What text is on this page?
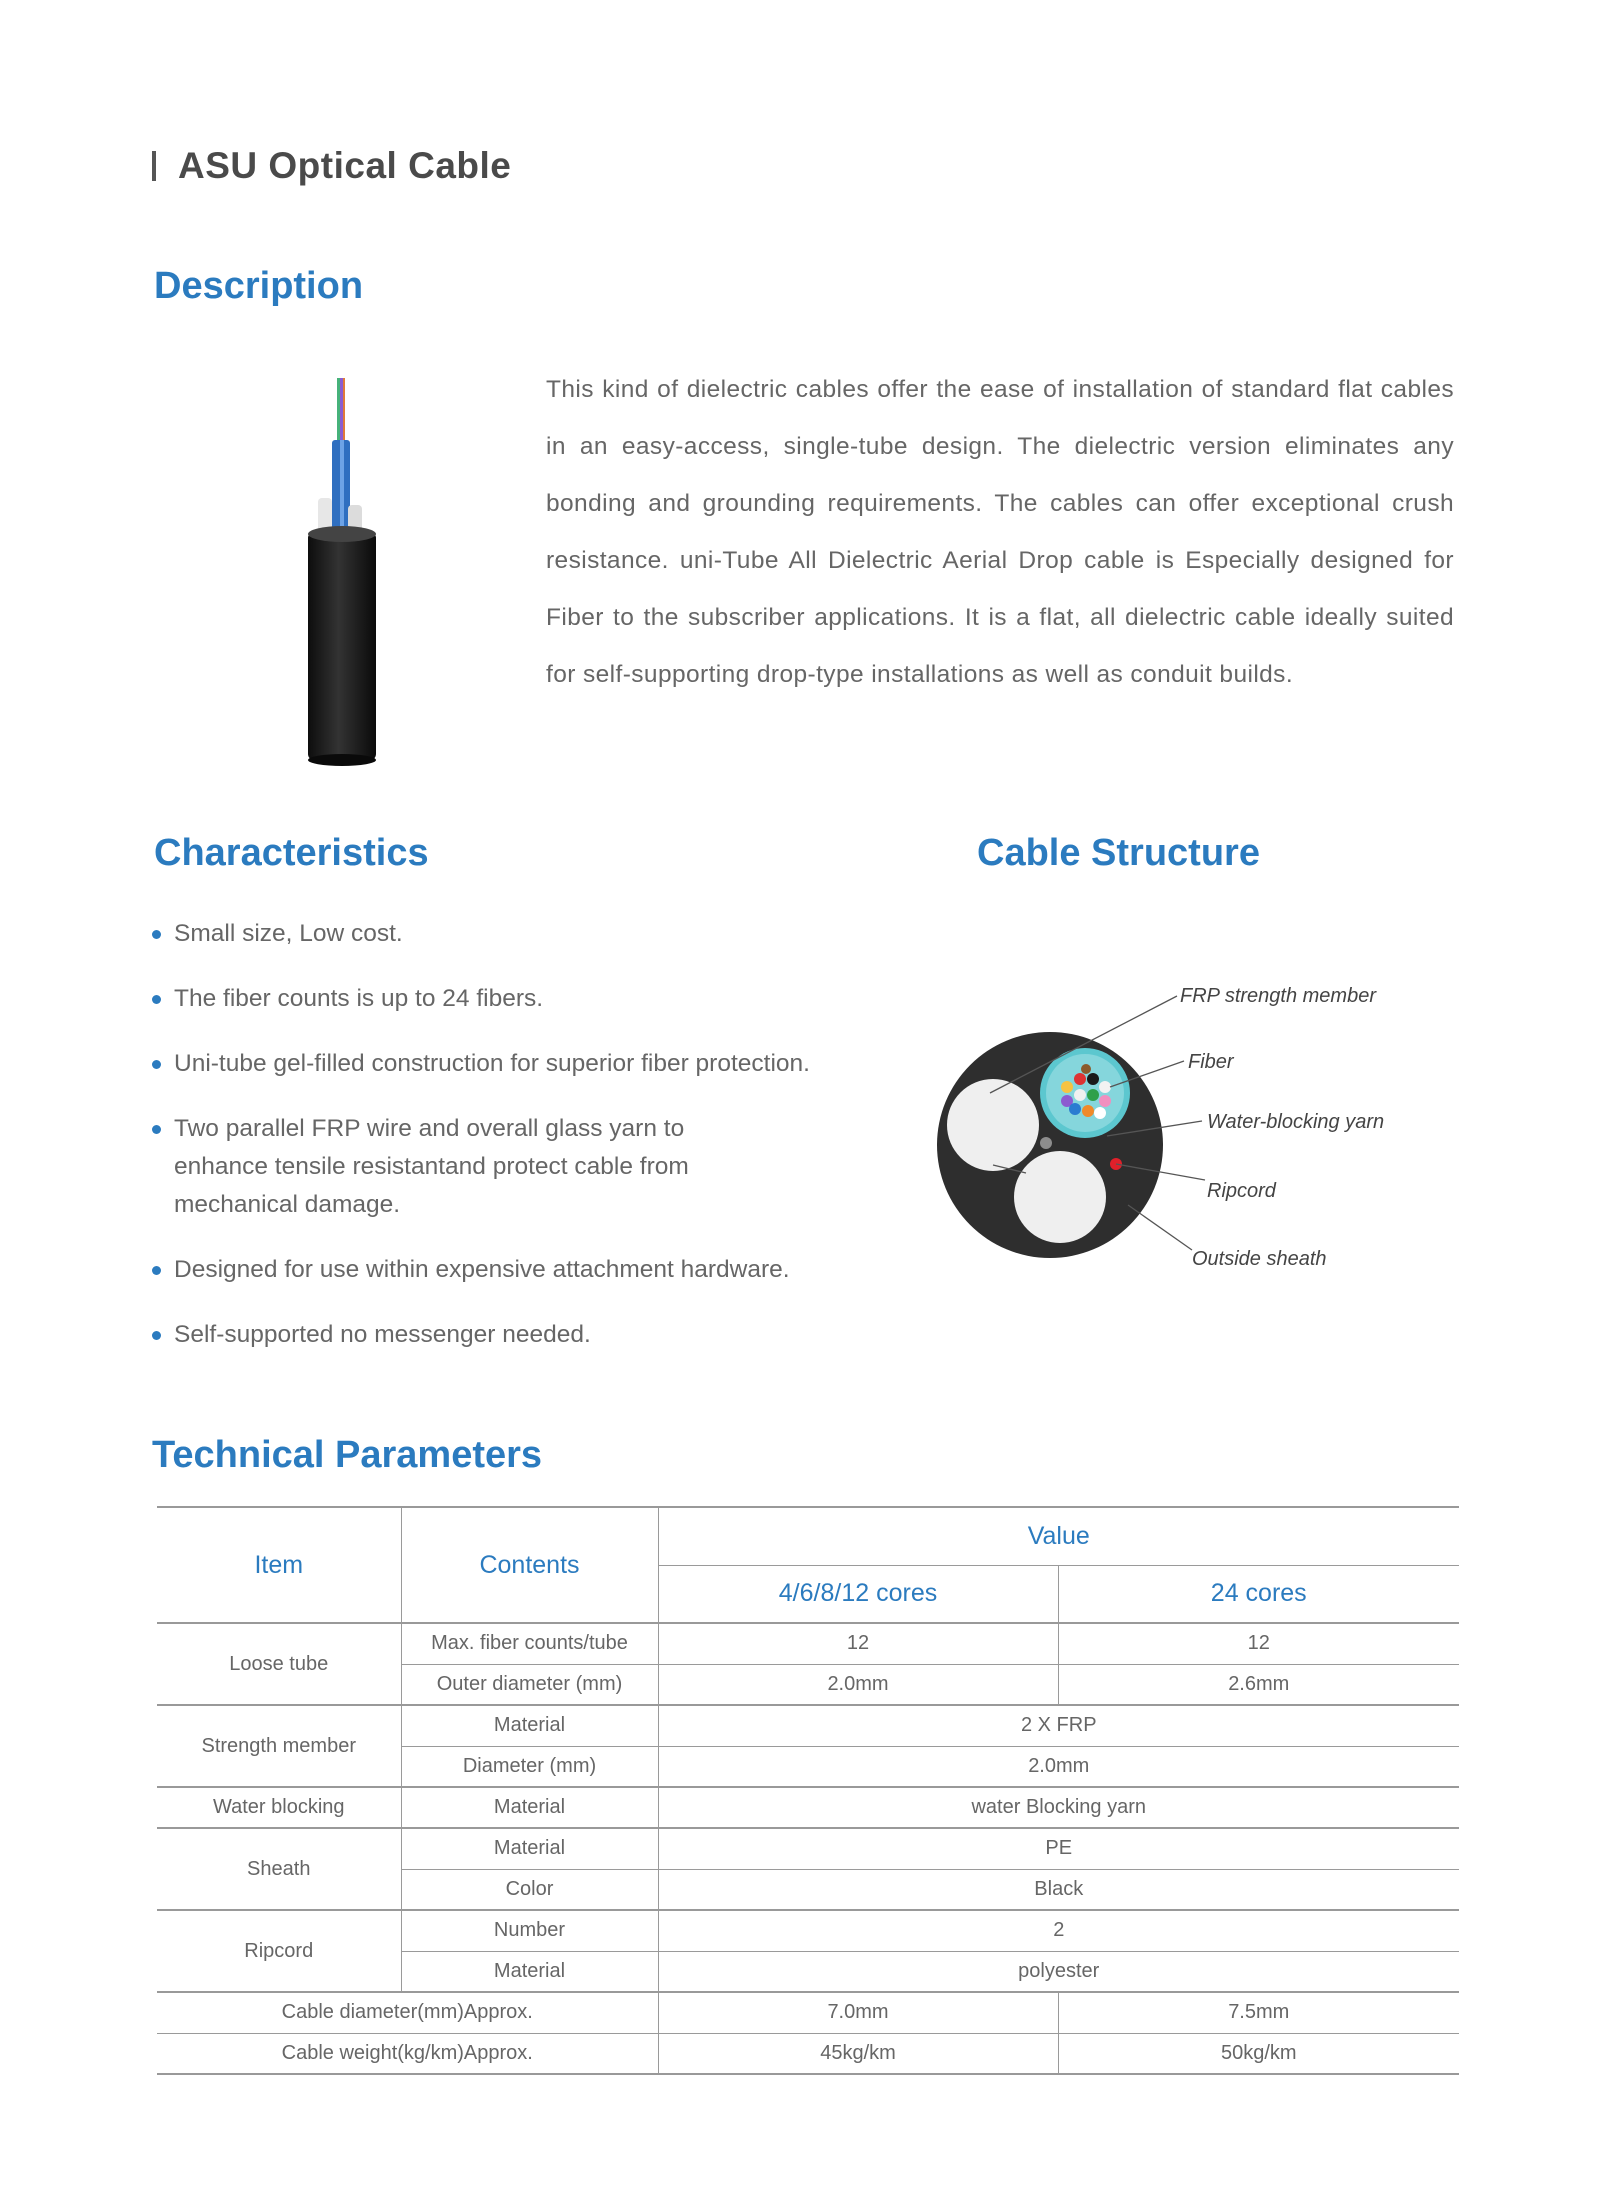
ASU Optical Cable
Description
This kind of dielectric cables offer the ease of installation of standard flat cables in an easy-access, single-tube design. The dielectric version eliminates any bonding and grounding requirements. The cables can offer exceptional crush resistance. uni-Tube All Dielectric Aerial Drop cable is Especially designed for Fiber to the subscriber applications. It is a flat, all dielectric cable ideally suited for self-supporting drop-type installations as well as conduit builds.
Characteristics
Small size, Low cost.
The fiber counts is up to 24 fibers.
Uni-tube gel-filled construction for superior fiber protection.
Two parallel FRP wire and overall glass yarn to enhance tensile resistantand protect cable from mechanical damage.
Designed for use within expensive attachment hardware.
Self-supported no messenger needed.
Cable Structure
FRP strength member
Fiber
Water-blocking yarn
Ripcord
Outside sheath
Technical Parameters
Item	Contents	Value	
		4/6/8/12 cores	24 cores
Loose tube	Max. fiber counts/tube	12	12
	Outer diameter (mm)	2.0mm	2.6mm
Strength member	Material	2 X FRP	
	Diameter (mm)	2.0mm	
Water blocking	Material	water Blocking yarn	
Sheath	Material	PE	
	Color	Black	
Ripcord	Number	2	
	Material	polyester	
Cable diameter(mm)Approx.		7.0mm	7.5mm
Cable weight(kg/km)Approx.		45kg/km	50kg/km
